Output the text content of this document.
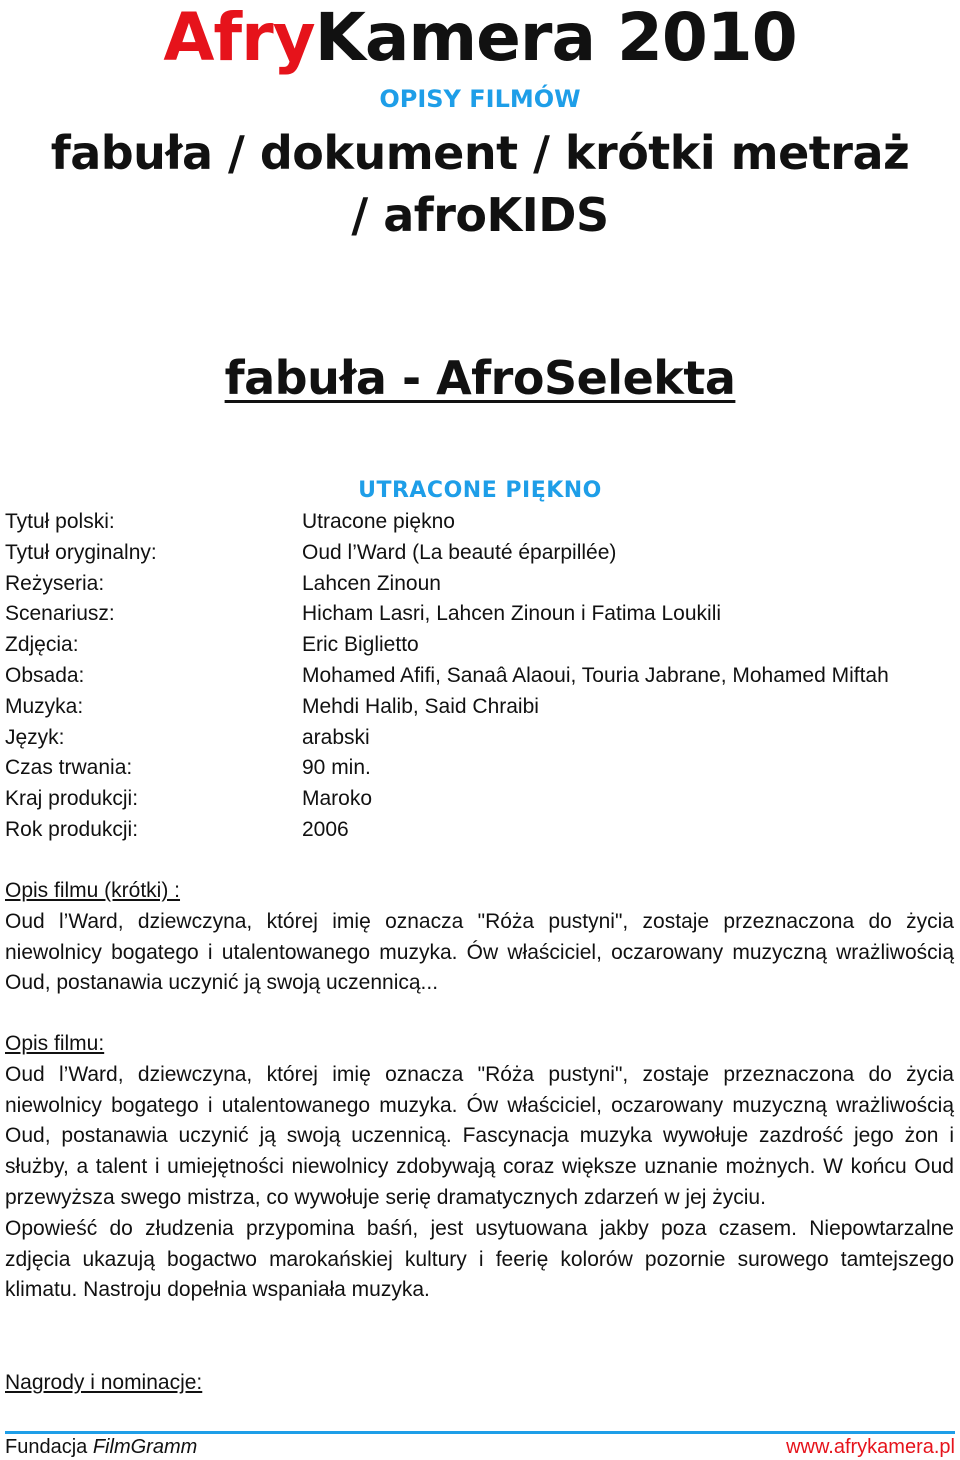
AfryKamera 2010
OPISY FILMÓW
fabuła / dokument / krótki metraż
/ afroKIDS
fabuła - AfroSelekta
UTRACONE PIĘKNO
Tytuł polski:	Utracone piękno
Tytuł oryginalny:	Oud l’Ward (La beauté éparpillée)
Reżyseria:	Lahcen Zinoun
Scenariusz:	Hicham Lasri, Lahcen Zinoun i Fatima Loukili
Zdjęcia:	Eric Biglietto
Obsada:	Mohamed Afifi, Sanaâ Alaoui, Touria Jabrane, Mohamed Miftah
Muzyka:	Mehdi Halib, Said Chraibi
Język:	arabski
Czas trwania:	90 min.
Kraj produkcji:	Maroko
Rok produkcji:	2006
Opis filmu (krótki) :

Oud l’Ward, dziewczyna, której imię oznacza "Róża pustyni", zostaje przeznaczona do życia niewolnicy bogatego i utalentowanego muzyka. Ów właściciel, oczarowany muzyczną wrażliwością Oud, postanawia uczynić ją swoją uczennicą...

Opis filmu:

Oud l’Ward, dziewczyna, której imię oznacza "Róża pustyni", zostaje przeznaczona do życia niewolnicy bogatego i utalentowanego muzyka. Ów właściciel, oczarowany muzyczną wrażliwością Oud, postanawia uczynić ją swoją uczennicą. Fascynacja muzyka wywołuje zazdrość jego żon i służby, a talent i umiejętności niewolnicy zdobywają coraz większe uznanie możnych. W końcu Oud przewyższa swego mistrza, co wywołuje serię dramatycznych zdarzeń w jej życiu.

Opowieść do złudzenia przypomina baśń, jest usytuowana jakby poza czasem. Niepowtarzalne zdjęcia ukazują bogactwo marokańskiej kultury i feerię kolorów pozornie surowego tamtejszego klimatu. Nastroju dopełnia wspaniała muzyka.

Nagrody i nominacje:
Fundacja FilmGramm	www.afrykamera.pl
